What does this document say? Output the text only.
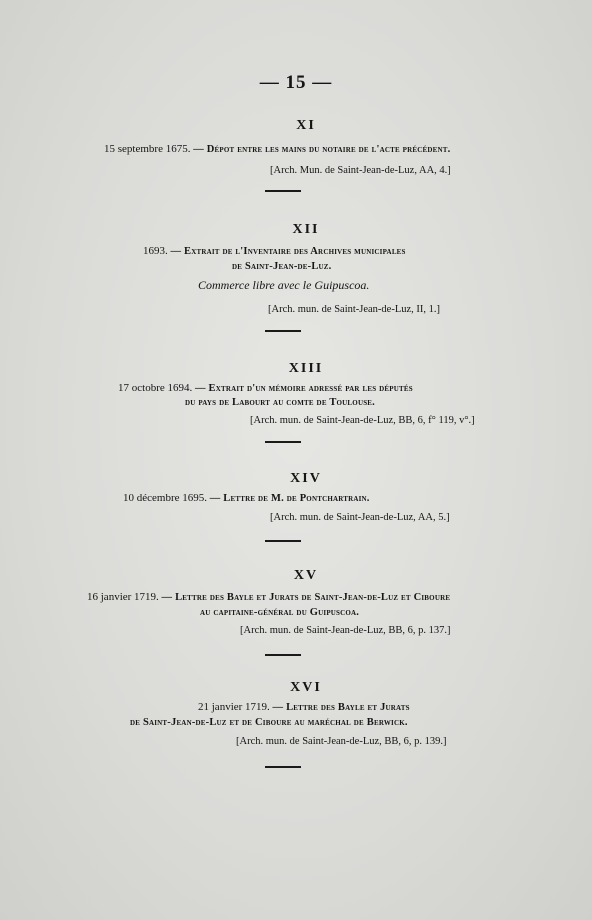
— 15 —
XI
15 septembre 1675. — Dépot entre les mains du notaire de l'acte précédent.
[Arch. Mun. de Saint-Jean-de-Luz, AA, 4.]
XII
1693. — Extrait de l'Inventaire des Archives municipales
de Saint-Jean-de-Luz.
Commerce libre avec le Guipuscoa.
[Arch. mun. de Saint-Jean-de-Luz, II, 1.]
XIII
17 octobre 1694. — Extrait d'un mémoire adressé par les députés
du pays de Labourt au comte de Toulouse.
[Arch. mun. de Saint-Jean-de-Luz, BB, 6, f° 119, v°.]
XIV
10 décembre 1695. — Lettre de M. de Pontchartrain.
[Arch. mun. de Saint-Jean-de-Luz, AA, 5.]
XV
16 janvier 1719. — Lettre des Bayle et Jurats de Saint-Jean-de-Luz et Ciboure
au capitaine-général du Guipuscoa.
[Arch. mun. de Saint-Jean-de-Luz, BB, 6, p. 137.]
XVI
21 janvier 1719. — Lettre des Bayle et Jurats
de Saint-Jean-de-Luz et de Ciboure au maréchal de Berwick.
[Arch. mun. de Saint-Jean-de-Luz, BB, 6, p. 139.]
